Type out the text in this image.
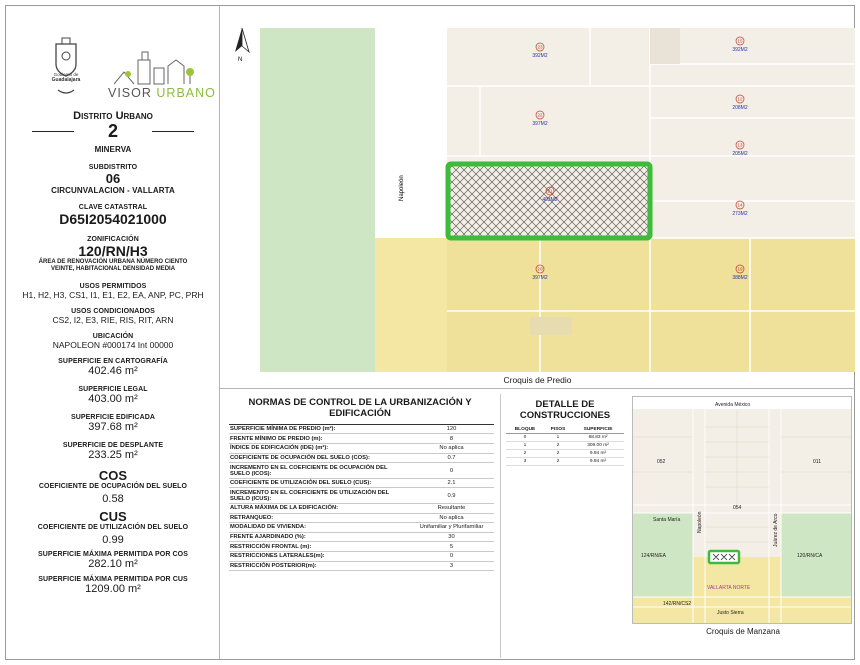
Gobierno de
Guadalajara
VISOR URBANO
Distrito Urbano
2
MINERVA
SUBDISTRITO
06
CIRCUNVALACION - VALLARTA
CLAVE CATASTRAL
D65I2054021000
ZONIFICACIÓN
120/RN/H3
ÁREA DE RENOVACIÓN URBANA NÚMERO CIENTO
VEINTE, HABITACIONAL DENSIDAD MEDIA
USOS PERMITIDOS
H1, H2, H3, CS1, I1, E1, E2, EA, ANP, PC, PRH
USOS CONDICIONADOS
CS2, I2, E3, RIE, RIS, RIT, ARN
UBICACIÓN
NAPOLEON #000174 Int 00000
SUPERFICIE EN CARTOGRAFÍA
402.46 m²
SUPERFICIE LEGAL
403.00 m²
SUPERFICIE EDIFICADA
397.68 m²
SUPERFICIE DE DESPLANTE
233.25 m²
COS
COEFICIENTE DE OCUPACIÓN DEL SUELO
0.58
CUS
COEFICIENTE DE UTILIZACIÓN DEL SUELO
0.99
SUPERFICIE MÁXIMA PERMITIDA POR COS
282.10 m²
SUPERFICIE MÁXIMA PERMITIDA POR CUS
1209.00 m²
N
Napoleón
23
392M2
15
392M2
22
397M2
12
208M2
13
205M2
21
403M2
14
273M2
20
397M2
19
388M2
Croquis de Predio
NORMAS DE CONTROL DE LA URBANIZACIÓN Y
EDIFICACIÓN
SUPERFICIE MÍNIMA DE PREDIO (m²):	120
FRENTE MÍNIMO DE PREDIO (m):	8
ÍNDICE DE EDIFICACIÓN (IDE) (m²):	No aplica
COEFICIENTE DE OCUPACIÓN DEL SUELO (COS):	0.7
INCREMENTO EN EL COEFICIENTE DE OCUPACIÓN DEL SUELO (ICOS):	0
COEFICIENTE DE UTILIZACIÓN DEL SUELO (CUS):	2.1
INCREMENTO EN EL COEFICIENTE DE UTILIZACIÓN DEL SUELO (ICUS):	0.9
ALTURA MÁXIMA DE LA EDIFICACIÓN:	Resultante
RETRANQUEO:	No aplica
MODALIDAD DE VIVIENDA:	Unifamiliar y Plurifamiliar
FRENTE AJARDINADO (%):	30
RESTRICCIÓN FRONTAL (m):	5
RESTRICCIONES LATERALES(m):	0
RESTRICCIÓN POSTERIOR(m):	3
DETALLE DE
CONSTRUCCIONES
BLOQUE	PISOS	SUPERFICIE
0	1	68.83 m²
1	2	309.00 m²
2	2	9.94 m²
3	2	9.94 m²
Avenida México
052	011
054
Santa María	Napoleón	Juárez de Arco
124/RN/EA	120/RN/CA
VALLARTA NORTE
142/RN/CS2
Justo Sierra
Croquis de Manzana
